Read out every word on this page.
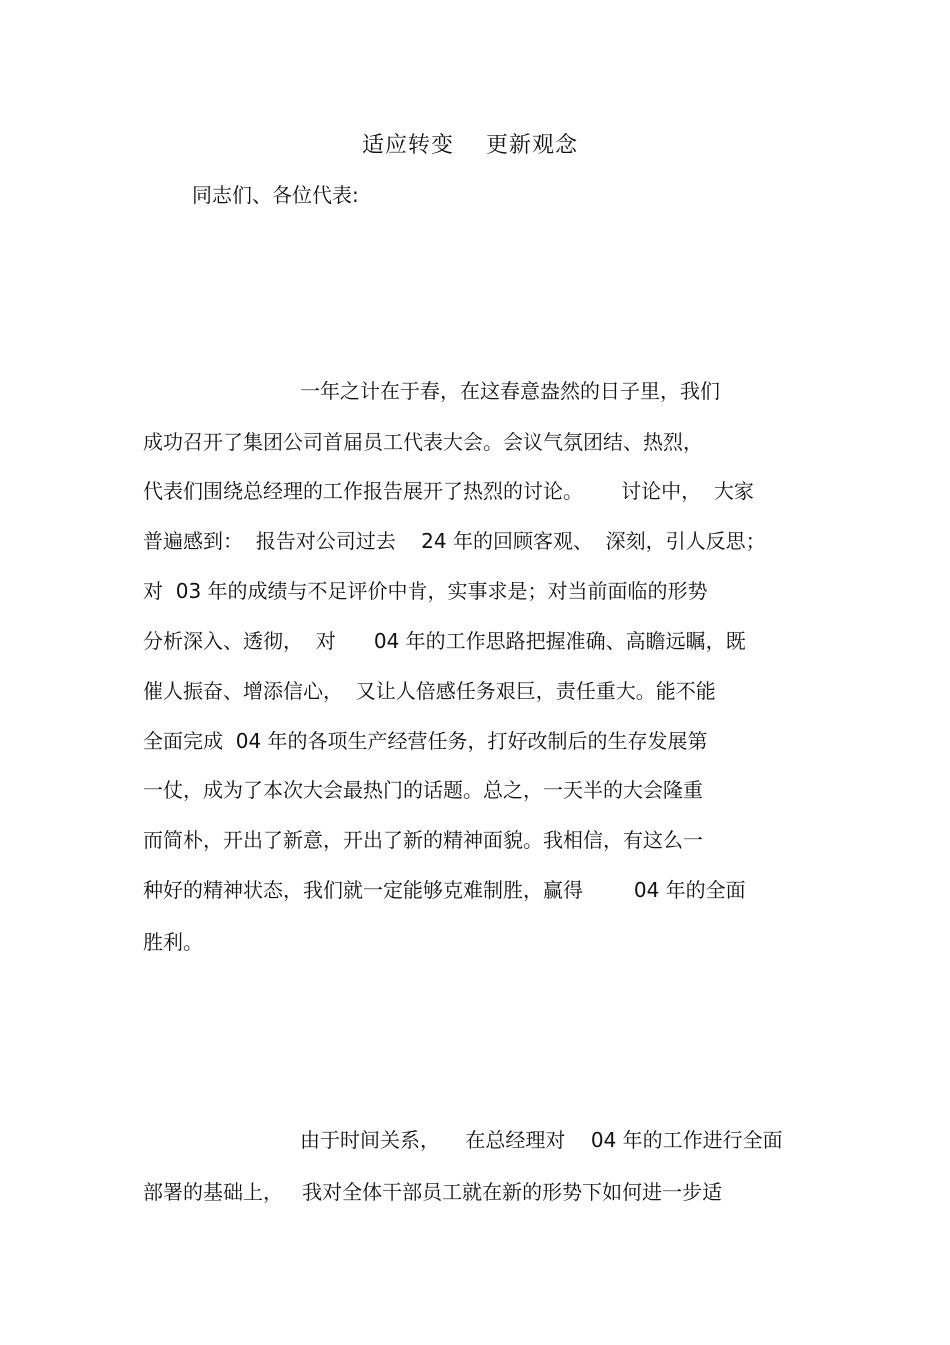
适应转变    更新观念
同志们、各位代表:
一年之计在于春，在这春意盎然的日子里，我们
成功召开了集团公司首届员工代表大会。会议气氛团结、热烈，
代表们围绕总经理的工作报告展开了热烈的讨论。      讨论中，  大家
普遍感到：  报告对公司过去    24 年的回顾客观、  深刻，引人反思；
对  03 年的成绩与不足评价中肯，实事求是；对当前面临的形势
分析深入、透彻，  对      04 年的工作思路把握准确、高瞻远瞩，既
催人振奋、增添信心，  又让人倍感任务艰巨，责任重大。能不能
全面完成  04 年的各项生产经营任务，打好改制后的生存发展第
一仗，成为了本次大会最热门的话题。总之，一天半的大会隆重
而简朴，开出了新意，开出了新的精神面貌。我相信，有这么一
种好的精神状态，我们就一定能够克难制胜，赢得        04 年的全面
胜利。
由于时间关系，    在总经理对    04 年的工作进行全面
部署的基础上，   我对全体干部员工就在新的形势下如何进一步适
